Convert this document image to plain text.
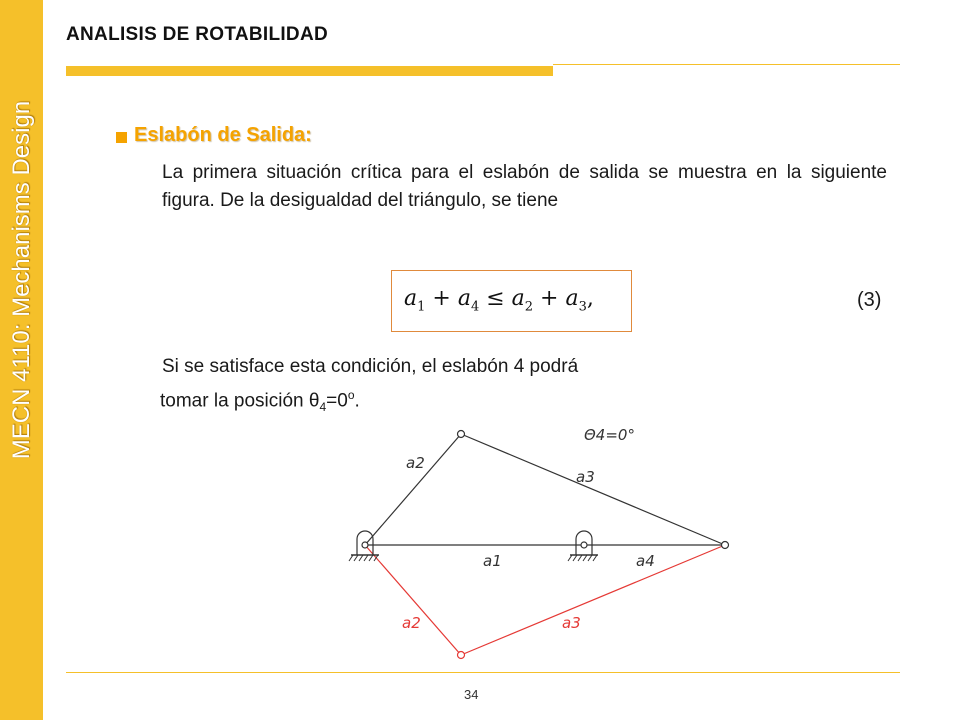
MECN 4110: Mechanisms Design
ANALISIS DE ROTABILIDAD
Eslabón de Salida:
La primera situación crítica para el eslabón de salida se muestra en la siguiente figura. De la desigualdad del triángulo, se tiene
$a_1 + a_4 \le a_2 + a_3$,	(3)
Si se satisface esta condición, el eslabón 4 podrá
tomar la posición $\theta_4=0^o$.
Θ4=0°
a2
a3
a1	a4
a2	a3
34
